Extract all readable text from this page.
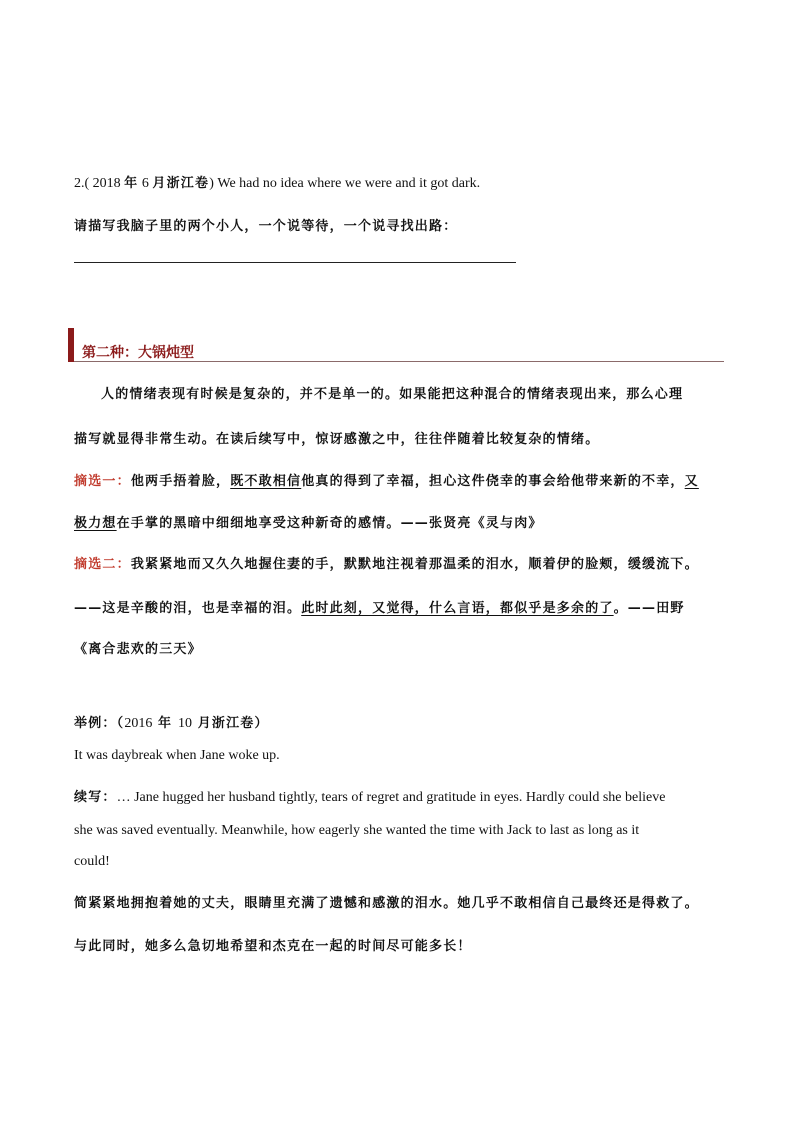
2.( 2018 年 6 月浙江卷) We had no idea where we were and it got dark.
请描写我脑子里的两个小人，一个说等待，一个说寻找出路：
第二种：大锅炖型
人的情绪表现有时候是复杂的，并不是单一的。如果能把这种混合的情绪表现出来，那么心理
描写就显得非常生动。在读后续写中，惊讶感激之中，往往伴随着比较复杂的情绪。
摘选一：他两手捂着脸，既不敢相信他真的得到了幸福，担心这件侥幸的事会给他带来新的不幸，又
极力想在手掌的黑暗中细细地享受这种新奇的感情。——张贤亮《灵与肉》
摘选二：我紧紧地而又久久地握住妻的手，默默地注视着那温柔的泪水，顺着伊的脸颊，缓缓流下。
——这是辛酸的泪，也是幸福的泪。此时此刻，又觉得，什么言语，都似乎是多余的了。——田野
《离合悲欢的三天》
举例：（2016 年 10 月浙江卷）
It was daybreak when Jane woke up.
续写：… Jane hugged her husband tightly, tears of regret and gratitude in eyes. Hardly could she believe
she was saved eventually. Meanwhile, how eagerly she wanted the time with Jack to last as long as it
could!
简紧紧地拥抱着她的丈夫，眼睛里充满了遗憾和感激的泪水。她几乎不敢相信自己最终还是得救了。
与此同时，她多么急切地希望和杰克在一起的时间尽可能多长！
